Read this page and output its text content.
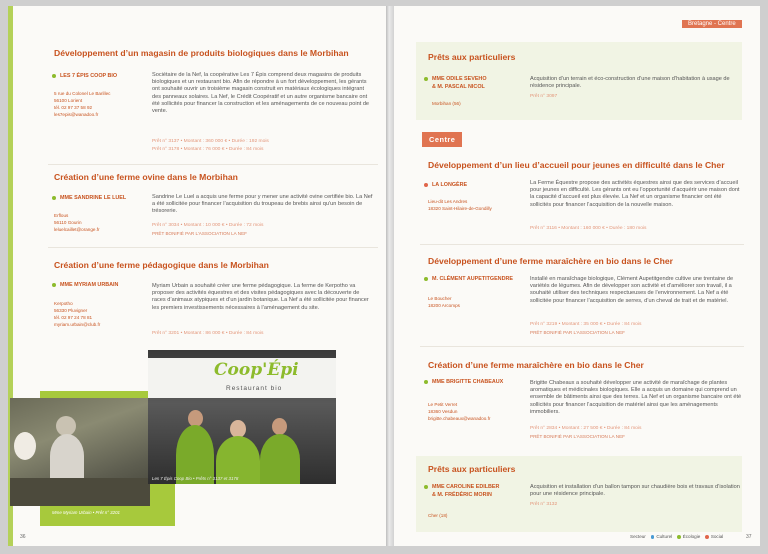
Développement d’un magasin de produits biologiques dans le Morbihan
LES 7 ÉPIS COOP BIO
5 rue du Colonel Le Barillec
56100 Lorient
tél. 02 97 37 58 92
les7epis@wanadoo.fr
Sociétaire de la Nef, la coopérative Les 7 Épis comprend deux magasins de produits biologiques et un restaurant bio. Afin de répondre à un fort développement, les gérants ont souhaité ouvrir un troisième magasin construit en matériaux écologiques intégrant des panneaux solaires. La Nef, le Crédit Coopératif et un autre organisme bancaire ont été sollicités pour financer la construction et les aménagements de ce nouveau point de vente.
Prêt n° 3137 • Montant : 360 000 € • Durée : 192 mois
Prêt n° 3178 • Montant : 76 000 € • Durée : 84 mois
Création d’une ferme ovine dans le Morbihan
MME SANDRINE LE LUEL
Erflous
56110 Gourin
leluelcaillet@orange.fr
Sandrine Le Luel a acquis une ferme pour y mener une activité ovine certifiée bio. La Nef a été sollicitée pour financer l’acquisition du troupeau de brebis ainsi qu’un besoin de trésorerie.
Prêt n° 3034 • Montant : 10 000 € • Durée : 72 mois
PRÊT BONIFIÉ PAR L’ASSOCIATION LA NEF
Création d’une ferme pédagogique dans le Morbihan
MME MYRIAM URBAIN
Kerpotho
56330 Pluvigner
tél. 02 97 24 78 81
myriam.urbain@club.fr
Myriam Urbain a souhaité créer une ferme pédagogique. La ferme de Kerpotho va proposer des activités équestres et des visites pédagogiques avec la découverte de races d’animaux atypiques et d’un jardin botanique. La Nef a été sollicitée pour financer les premiers investissements nécessaires à l’aménagement du site.
Prêt n° 3201 • Montant : 86 000 € • Durée : 84 mois
Mme Myriam Urbain • Prêt n° 3201
Coop'Épi
Restaurant bio
Les 7 Épis Coop Bio • Prêts n° 3137 et 3178
36
Bretagne - Centre
Prêts aux particuliers
MME ODILE SEVЕНО
& M. PASCAL NICOL
Morbihan (56)
Acquisition d’un terrain et éco-construction d’une maison d’habitation à usage de résidence principale.
Prêt n° 3097
Centre
Développement d’un lieu d’accueil pour jeunes en difficulté dans le Cher
LA LONGÈRE
Lieu-dit Les Andres
18320 Saint-Hilaire-de-Gondilly
La Ferme Équestre propose des activités équestres ainsi que des services d’accueil pour jeunes en difficulté. Les gérants ont eu l’opportunité d’acquérir une maison dont la capacité d’accueil est plus élevée. La Nef et un organisme financier ont été sollicités pour financer l’acquisition de la nouvelle maison.
Prêt n° 3116 • Montant : 160 000 € • Durée : 180 mois
Développement d’une ferme maraîchère en bio dans le Cher
M. CLÉMENT AUPETITGENDRE
Le Boucher
18200 Arcomps
Installé en maraîchage biologique, Clément Aupetitgendre cultive une trentaine de variétés de légumes. Afin de développer son activité et d’améliorer son travail, il a souhaité utiliser des techniques respectueuses de l’environnement. La Nef a été sollicitée pour financer l’acquisition de serres, d’un cheval de trait et de matériel.
Prêt n° 3219 • Montant : 35 000 € • Durée : 84 mois
PRÊT BONIFIÉ PAR L’ASSOCIATION LA NEF
Création d’une ferme maraîchère en bio dans le Cher
MME BRIGITTE CHABEAUX
Le Petit Verret
18360 Vesdun
brigitte.chabeaux@wanadoo.fr
Brigitte Chabeaux a souhaité développer une activité de maraîchage de plantes aromatiques et médicinales biologiques. Elle a acquis un domaine qui comprend un ensemble de bâtiments ainsi que des terres. La Nef et un organisme bancaire ont été sollicités pour financer l’acquisition de matériel ainsi que les aménagements immobiliers.
Prêt n° 2834 • Montant : 27 500 € • Durée : 84 mois
PRÊT BONIFIÉ PAR L’ASSOCIATION LA NEF
Prêts aux particuliers
MME CAROLINE EDILBER
& M. FRÉDÉRIC MORIN
Cher (18)
Acquisition et installation d’un ballon tampon sur chaudière bois et travaux d’isolation pour une résidence principale.
Prêt n° 3132
Secteur Culturel Écologie Social	37
